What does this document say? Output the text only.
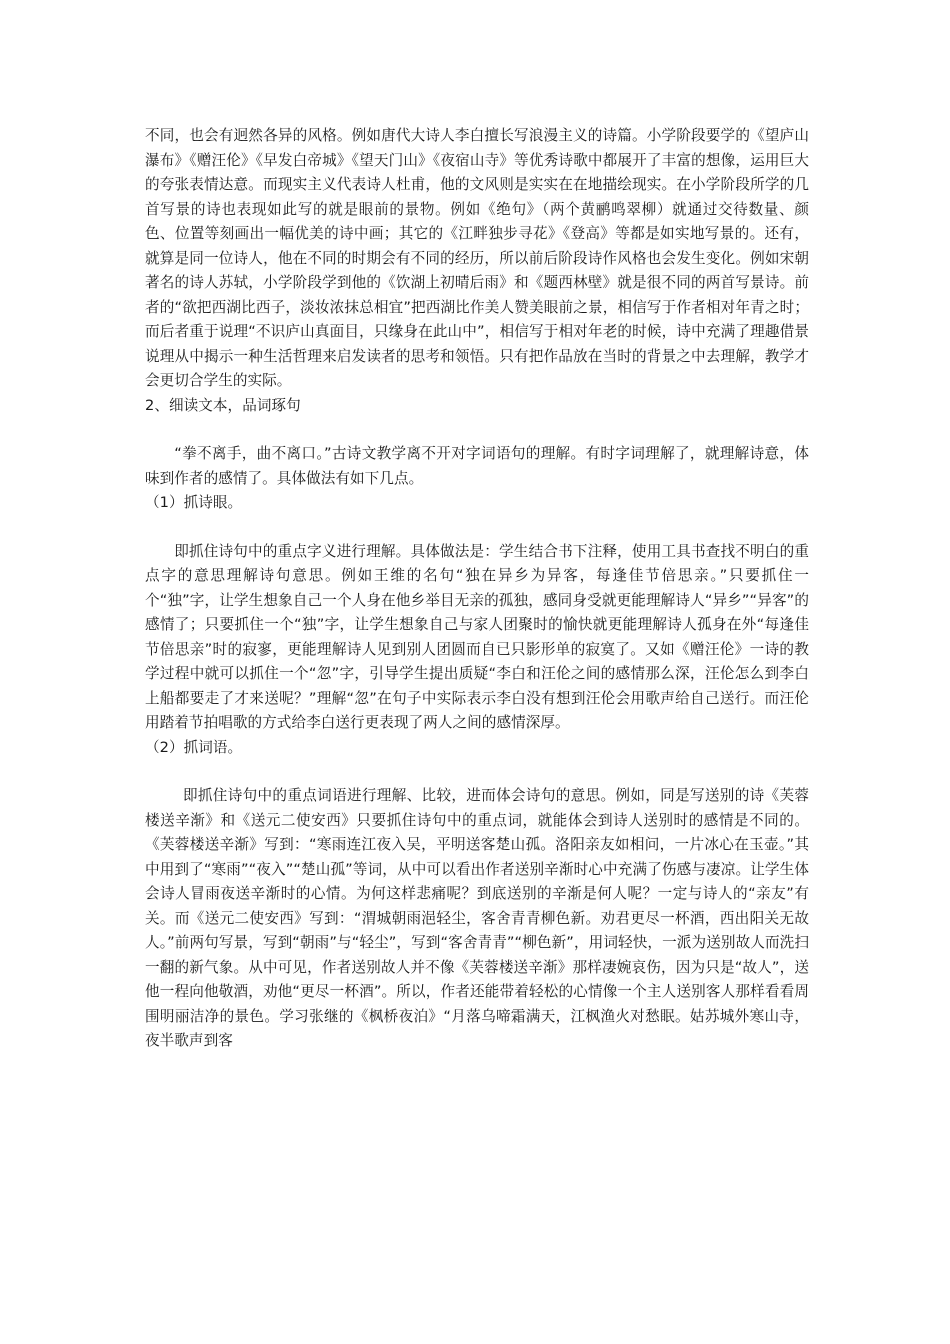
不同，也会有迥然各异的风格。例如唐代大诗人李白擅长写浪漫主义的诗篇。小学阶段要学的《望庐山瀑布》《赠汪伦》《早发白帝城》《望天门山》《夜宿山寺》等优秀诗歌中都展开了丰富的想像，运用巨大的夸张表情达意。而现实主义代表诗人杜甫，他的文风则是实实在在地描绘现实。在小学阶段所学的几首写景的诗也表现如此写的就是眼前的景物。例如《绝句》（两个黄鹂鸣翠柳）就通过交待数量、颜色、位置等刻画出一幅优美的诗中画；其它的《江畔独步寻花》《登高》等都是如实地写景的。还有，就算是同一位诗人，他在不同的时期会有不同的经历，所以前后阶段诗作风格也会发生变化。例如宋朝著名的诗人苏轼，小学阶段学到他的《饮湖上初晴后雨》和《题西林壁》就是很不同的两首写景诗。前者的“欲把西湖比西子，淡妆浓抹总相宜”把西湖比作美人赞美眼前之景，相信写于作者相对年青之时；而后者重于说理“不识庐山真面目，只缘身在此山中”，相信写于相对年老的时候，诗中充满了理趣借景说理从中揭示一种生活哲理来启发读者的思考和领悟。只有把作品放在当时的背景之中去理解，教学才会更切合学生的实际。

2、细读文本，品词琢句

“拳不离手，曲不离口。”古诗文教学离不开对字词语句的理解。有时字词理解了，就理解诗意，体味到作者的感情了。具体做法有如下几点。

（1）抓诗眼。

即抓住诗句中的重点字义进行理解。具体做法是：学生结合书下注释，使用工具书查找不明白的重点字的意思理解诗句意思。例如王维的名句“独在异乡为异客，每逢佳节倍思亲。”只要抓住一个“独”字，让学生想象自己一个人身在他乡举目无亲的孤独，感同身受就更能理解诗人“异乡”“异客”的感情了；只要抓住一个“独”字，让学生想象自己与家人团聚时的愉快就更能理解诗人孤身在外“每逢佳节倍思亲”时的寂寥，更能理解诗人见到别人团圆而自已只影形单的寂寞了。又如《赠汪伦》一诗的教学过程中就可以抓住一个“忽”字，引导学生提出质疑“李白和汪伦之间的感情那么深，汪伦怎么到李白上船都要走了才来送呢？”理解“忽”在句子中实际表示李白没有想到汪伦会用歌声给自己送行。而汪伦用踏着节拍唱歌的方式给李白送行更表现了两人之间的感情深厚。

（2）抓词语。

即抓住诗句中的重点词语进行理解、比较，进而体会诗句的意思。例如，同是写送别的诗《芙蓉楼送辛渐》和《送元二使安西》只要抓住诗句中的重点词，就能体会到诗人送别时的感情是不同的。《芙蓉楼送辛渐》写到：“寒雨连江夜入吴，平明送客楚山孤。洛阳亲友如相问，一片冰心在玉壶。”其中用到了“寒雨”“夜入”“楚山孤”等词，从中可以看出作者送别辛渐时心中充满了伤感与凄凉。让学生体会诗人冒雨夜送辛渐时的心情。为何这样悲痛呢？到底送别的辛渐是何人呢？一定与诗人的“亲友”有关。而《送元二使安西》写到：“渭城朝雨浥轻尘，客舍青青柳色新。劝君更尽一杯酒，西出阳关无故人。”前两句写景，写到“朝雨”与“轻尘”，写到“客舍青青”“柳色新”，用词轻快，一派为送别故人而洗扫一翻的新气象。从中可见，作者送别故人并不像《芙蓉楼送辛渐》那样凄婉哀伤，因为只是“故人”，送他一程向他敬酒，劝他“更尽一杯酒”。所以，作者还能带着轻松的心情像一个主人送别客人那样看看周围明丽洁净的景色。学习张继的《枫桥夜泊》“月落乌啼霜满天，江枫渔火对愁眠。姑苏城外寒山寺，夜半歌声到客
